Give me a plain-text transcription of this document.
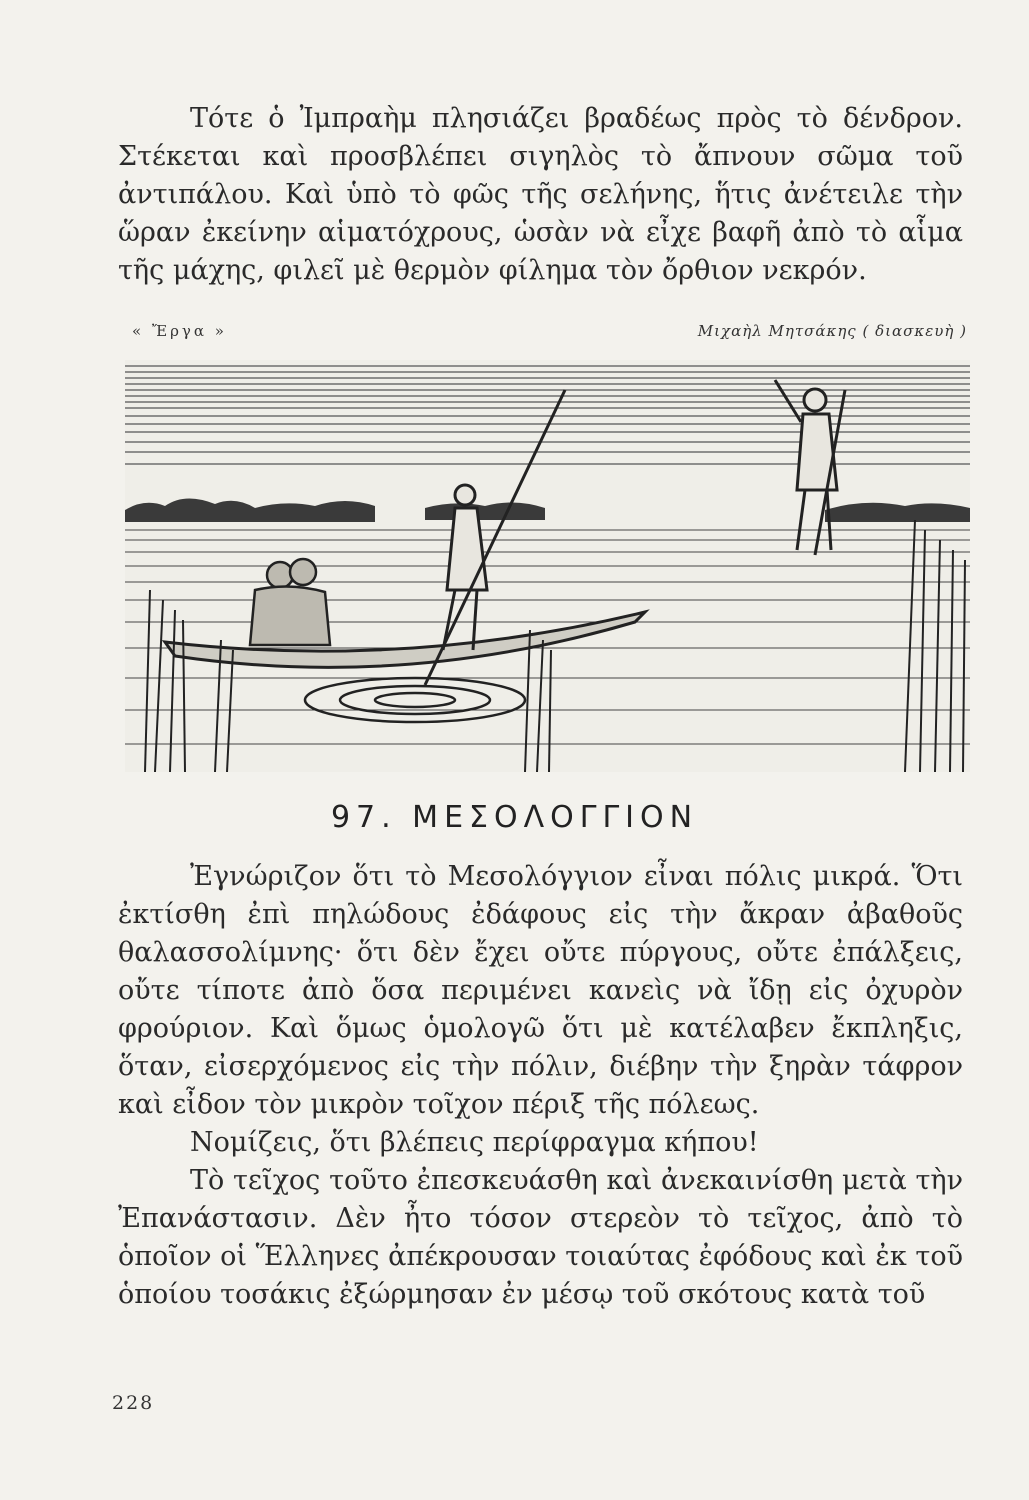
Τότε ὁ Ἰμπραὴμ πλησιάζει βραδέως πρὸς τὸ δένδρον. Στέκεται καὶ προσβλέπει σιγηλὸς τὸ ἄπνουν σῶμα τοῦ ἀντιπάλου. Καὶ ὑπὸ τὸ φῶς τῆς σελήνης, ἥτις ἀνέτειλε τὴν ὥραν ἐκείνην αἱματόχρους, ὡσὰν νὰ εἶχε βαφῆ ἀπὸ τὸ αἷμα τῆς μάχης, φιλεῖ μὲ θερμὸν φίλημα τὸν ὄρθιον νεκρόν.

« Ἔργα »	Μιχαὴλ Μητσάκης ( διασκευὴ )
97. ΜΕΣΟΛΟΓΓΙΟΝ

Ἐγνώριζον ὅτι τὸ Μεσολόγγιον εἶναι πόλις μικρά. Ὅτι ἐκτίσθη ἐπὶ πηλώδους ἐδάφους εἰς τὴν ἄκραν ἀβαθοῦς θαλασσολίμνης· ὅτι δὲν ἔχει οὔτε πύργους, οὔτε ἐπάλξεις, οὔτε τίποτε ἀπὸ ὅσα περιμένει κανεὶς νὰ ἴδῃ εἰς ὀχυρὸν φρούριον. Καὶ ὅμως ὁμολογῶ ὅτι μὲ κατέλαβεν ἔκπληξις, ὅταν, εἰσερχόμενος εἰς τὴν πόλιν, διέβην τὴν ξηρὰν τάφρον καὶ εἶδον τὸν μικρὸν τοῖχον πέριξ τῆς πόλεως.

Νομίζεις, ὅτι βλέπεις περίφραγμα κήπου!

Τὸ τεῖχος τοῦτο ἐπεσκευάσθη καὶ ἀνεκαινίσθη μετὰ τὴν Ἐπανάστασιν. Δὲν ἦτο τόσον στερεὸν τὸ τεῖχος, ἀπὸ τὸ ὁποῖον οἱ Ἕλληνες ἀπέκρουσαν τοιαύτας ἐφόδους καὶ ἐκ τοῦ ὁποίου τοσάκις ἐξώρμησαν ἐν μέσῳ τοῦ σκότους κατὰ τοῦ

228
